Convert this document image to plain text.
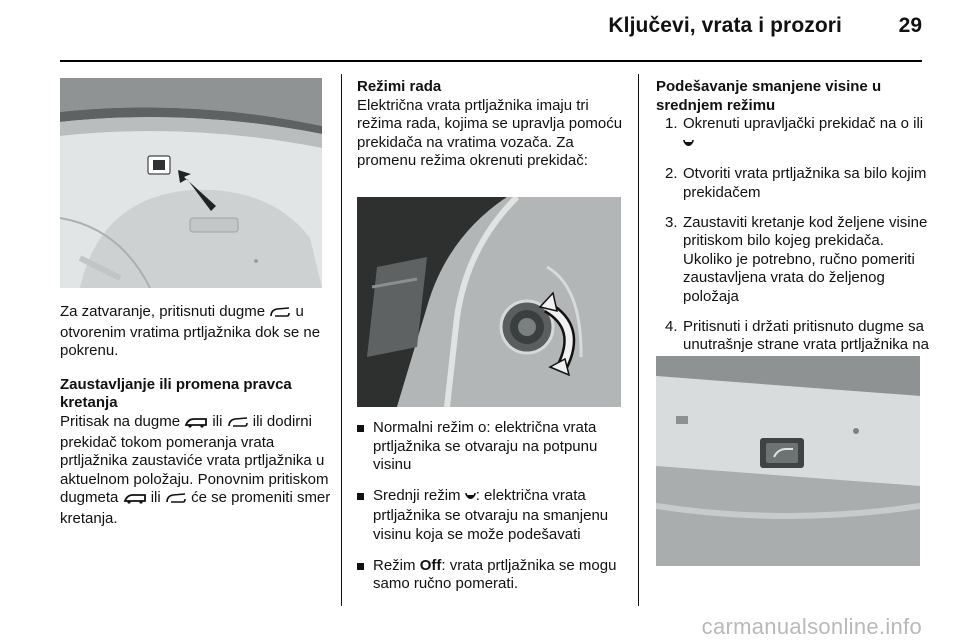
Ključevi, vrata i prozori	29

Za zatvaranje, pritisnuti dugme u otvorenim vratima prtljažnika dok se ne pokrenu.

Zaustavljanje ili promena pravca kretanja

Pritisak na dugme ili ili dodirni prekidač tokom pomeranja vrata prtljažnika zaustaviće vrata prtljažnika u aktuelnom položaju. Ponovnim pritiskom dugmeta ili će se promeniti smer kretanja.

Režimi rada

Električna vrata prtljažnika imaju tri režima rada, kojima se upravlja pomoću prekidača na vratima vozača. Za promenu režima okrenuti prekidač:

Normalni režim o: električna vrata prtljažnika se otvaraju na potpunu visinu
Srednji režim : električna vrata prtljažnika se otvaraju na smanjenu visinu koja se može podešavati
Režim Off: vrata prtljažnika se mogu samo ručno pomerati.

Podešavanje smanjene visine u srednjem režimu

1. Okrenuti upravljački prekidač na o ili
2. Otvoriti vrata prtljažnika sa bilo kojim prekidačem
3. Zaustaviti kretanje kod željene visine pritiskom bilo kojeg prekidača. Ukoliko je potrebno, ručno pomeriti zaustavljena vrata do željenog položaja
4. Pritisnuti i držati pritisnuto dugme sa unutrašnje strane vrata prtljažnika na
carmanualsonline.info
